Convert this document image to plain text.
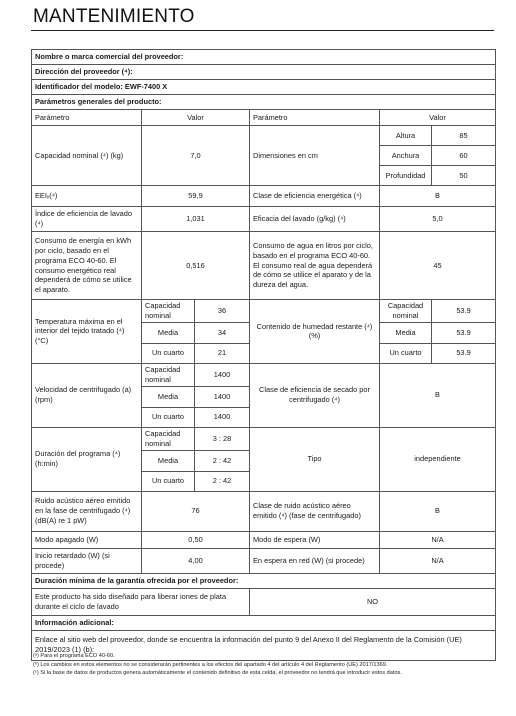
MANTENIMIENTO
Nombre o marca comercial del proveedor:					
Dirección del proveedor (⁴):					
Identificador del modelo: EWF-7400 X					
Parámetros generales del producto:					
Parámetro	Valor		Parámetro	Valor	
Capacidad nominal (⁴) (kg)	7,0		Dimensiones en cm	Altura	85
				Anchura	60
				Profundidad	50
EEIᵥ(⁴)	59,9		Clase de eficiencia energética (⁴)	B	
Índice de eficiencia de lavado (⁴)	1,031		Eficacia del lavado (g/kg) (⁴)	5,0	
Consumo de energía en kWh por ciclo, basado en el programa ECO 40-60. El consumo energético real dependerá de cómo se utilice el aparato.	0,516		Consumo de agua en litros por ciclo, basado en el programa ECO 40-60. El consumo real de agua dependerá de cómo se utilice el aparato y de la dureza del agua.	45	
Temperatura máxima en el interior del tejido tratado (⁴) (°C)	Capacidad nominal	36	Contenido de humedad restante (⁴) (%)	Capacidad nominal	53.9
	Media	34		Media	53.9
	Un cuarto	21		Un cuarto	53.9
Velocidad de centrifugado (a) (rpm)	Capacidad nominal	1400	Clase de eficiencia de secado por centrifugado (⁴)	B	
	Media	1400			
	Un cuarto	1400			
Duración del programa (⁴) (h:min)	Capacidad nominal	3 : 28	Tipo	independiente	
	Media	2 : 42			
	Un cuarto	2 : 42			
Ruido acústico aéreo emitido en la fase de centrifugado (⁴) (dB(A) re 1 pW)	76		Clase de ruido acústico aéreo emitido (⁴) (fase de centrifugado)	B	
Modo apagado (W)	0,50		Modo de espera (W)	N/A	
Inicio retardado (W) (si procede)	4,00		En espera en red (W) (si procede)	N/A	
Duración mínima de la garantía ofrecida por el proveedor:					
Este producto ha sido diseñado para liberar iones de plata durante el ciclo de lavado			NO		
Información adicional:					
Enlace al sitio web del proveedor, donde se encuentra la información del punto 9 del Anexo II del Reglamento de la Comisión (UE) 2019/2023 (1) (b):					
(ᵃ) Para el programa ECO 40-60.
(ᵇ) Los cambios en estos elementos no se considerarán pertinentes a los efectos del apartado 4 del artículo 4 del Reglamento (UE) 2017/1369.
(ᶜ) Si la base de datos de productos genera automáticamente el contenido definitivo de esta celda, el proveedor no tendrá que introducir estos datos.
